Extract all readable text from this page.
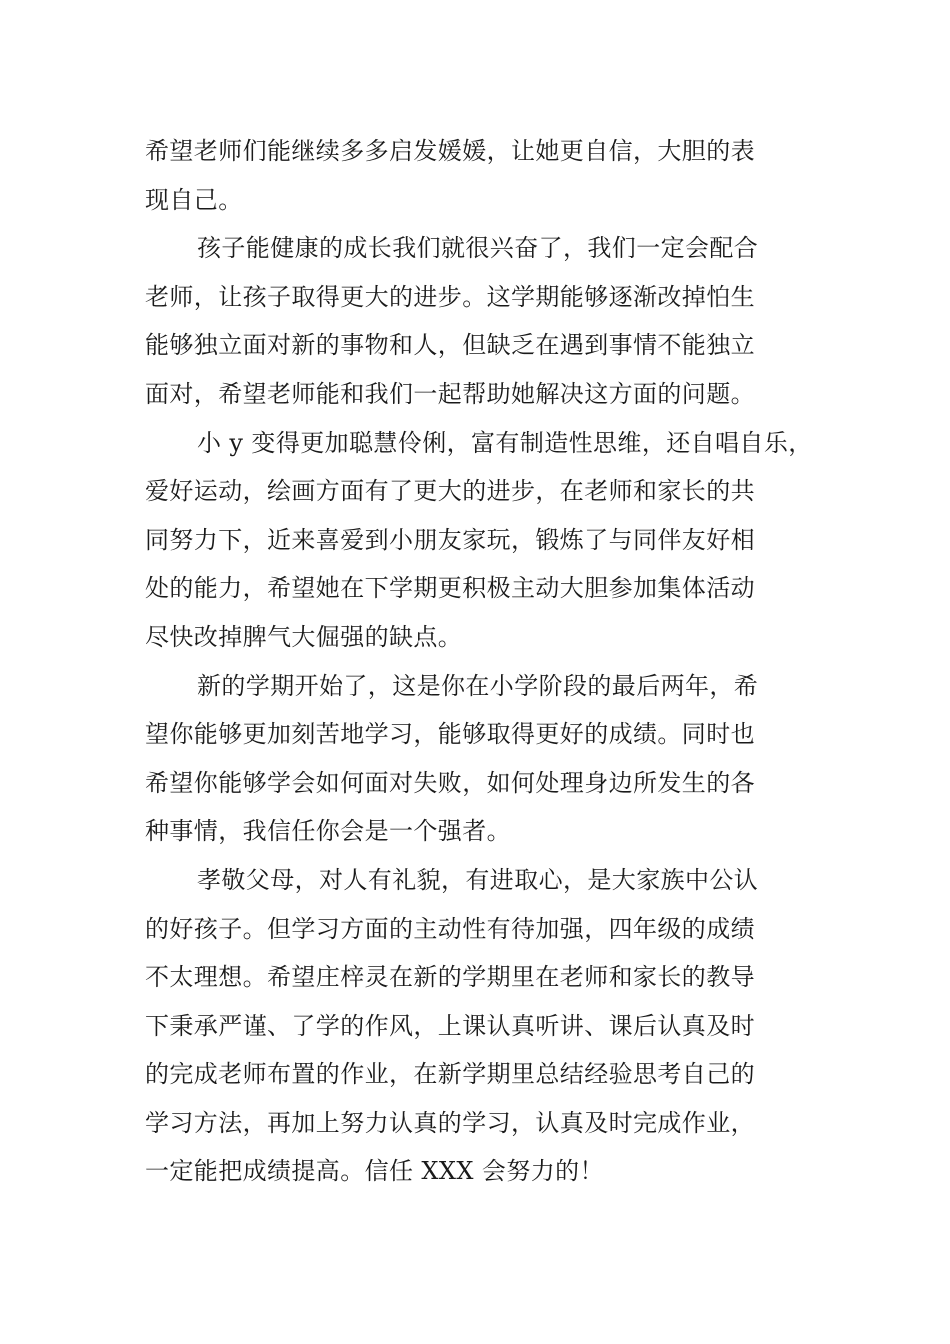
希望老师们能继续多多启发媛媛，让她更自信，大胆的表
现自己。
孩子能健康的成长我们就很兴奋了，我们一定会配合
老师，让孩子取得更大的进步。这学期能够逐渐改掉怕生
能够独立面对新的事物和人，但缺乏在遇到事情不能独立
面对，希望老师能和我们一起帮助她解决这方面的问题。
小 y 变得更加聪慧伶俐，富有制造性思维，还自唱自乐，
爱好运动，绘画方面有了更大的进步，在老师和家长的共
同努力下，近来喜爱到小朋友家玩，锻炼了与同伴友好相
处的能力，希望她在下学期更积极主动大胆参加集体活动
尽快改掉脾气大倔强的缺点。
新的学期开始了，这是你在小学阶段的最后两年，希
望你能够更加刻苦地学习，能够取得更好的成绩。同时也
希望你能够学会如何面对失败，如何处理身边所发生的各
种事情，我信任你会是一个强者。
孝敬父母，对人有礼貌，有进取心，是大家族中公认
的好孩子。但学习方面的主动性有待加强，四年级的成绩
不太理想。希望庄梓灵在新的学期里在老师和家长的教导
下秉承严谨、了学的作风，上课认真听讲、课后认真及时
的完成老师布置的作业，在新学期里总结经验思考自己的
学习方法，再加上努力认真的学习，认真及时完成作业，
一定能把成绩提高。信任 XXX 会努力的！
